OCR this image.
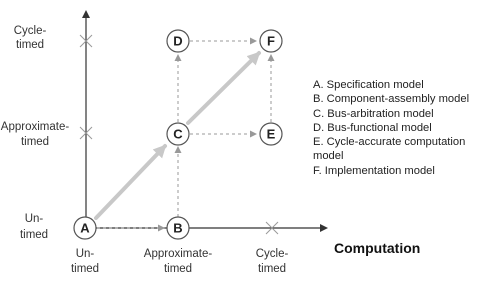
Cycle-
timed
Approximate-
timed
Un-
timed
Un-
timed
Approximate-
timed
Cycle-
timed
Computation
A	B
C
D
E
F
A. Specification model
B. Component-assembly model
C. Bus-arbitration model
D. Bus-functional model
E. Cycle-accurate computation model
F. Implementation model
